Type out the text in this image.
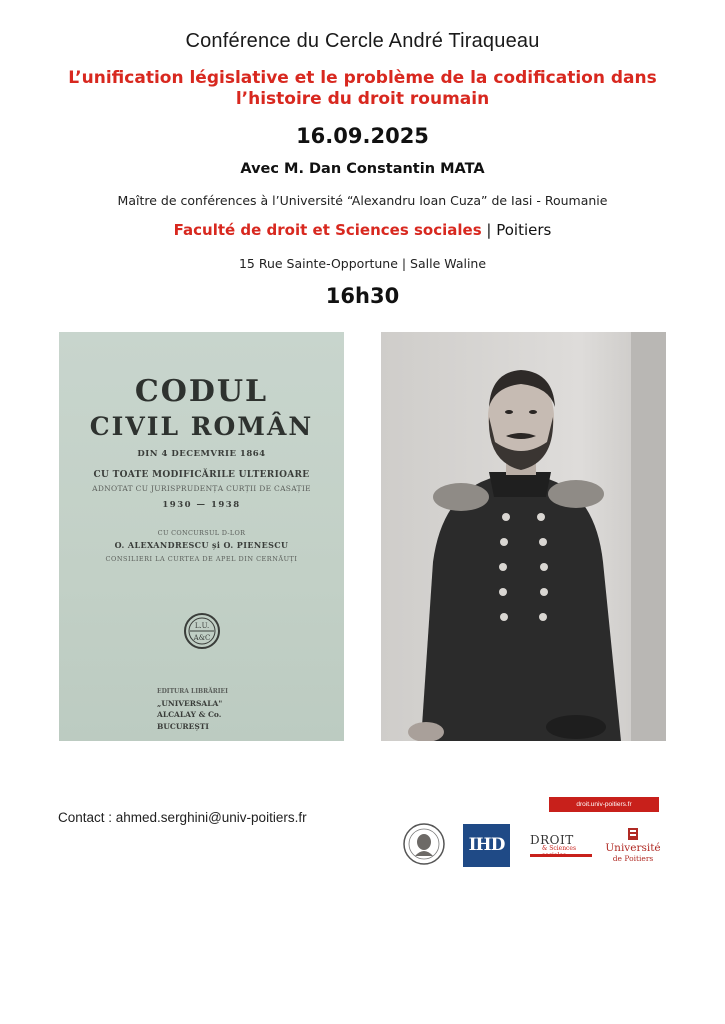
Conférence du Cercle André Tiraqueau
L’unification législative et le problème de la codification dans l’histoire du droit roumain
16.09.2025
Avec M. Dan Constantin MATA
Maître de conférences à l’Université “Alexandru Ioan Cuza” de Iasi - Roumanie
Faculté de droit et Sciences sociales | Poitiers
15 Rue Sainte-Opportune | Salle Waline
16h30
CODUL
CIVIL ROMÂN
DIN 4 DECEMVRIE 1864
CU TOATE MODIFICĂRILE ULTERIOARE
ADNOTAT CU JURISPRUDENȚA CURȚII DE CASAȚIE
1930 — 1938
CU CONCURSUL D-LOR
O. ALEXANDRESCU și O. PIENESCU
CONSILIERI LA CURTEA DE APEL DIN CERNĂUȚI
L.U.
A&C
EDITURA LIBRĂRIEI
„UNIVERSALA"
ALCALAY & Co.
BUCUREȘTI
Contact : ahmed.serghini@univ-poitiers.fr
droit.univ-poitiers.fr
IHD	DROIT
& Sciences	Université
de Poitiers
